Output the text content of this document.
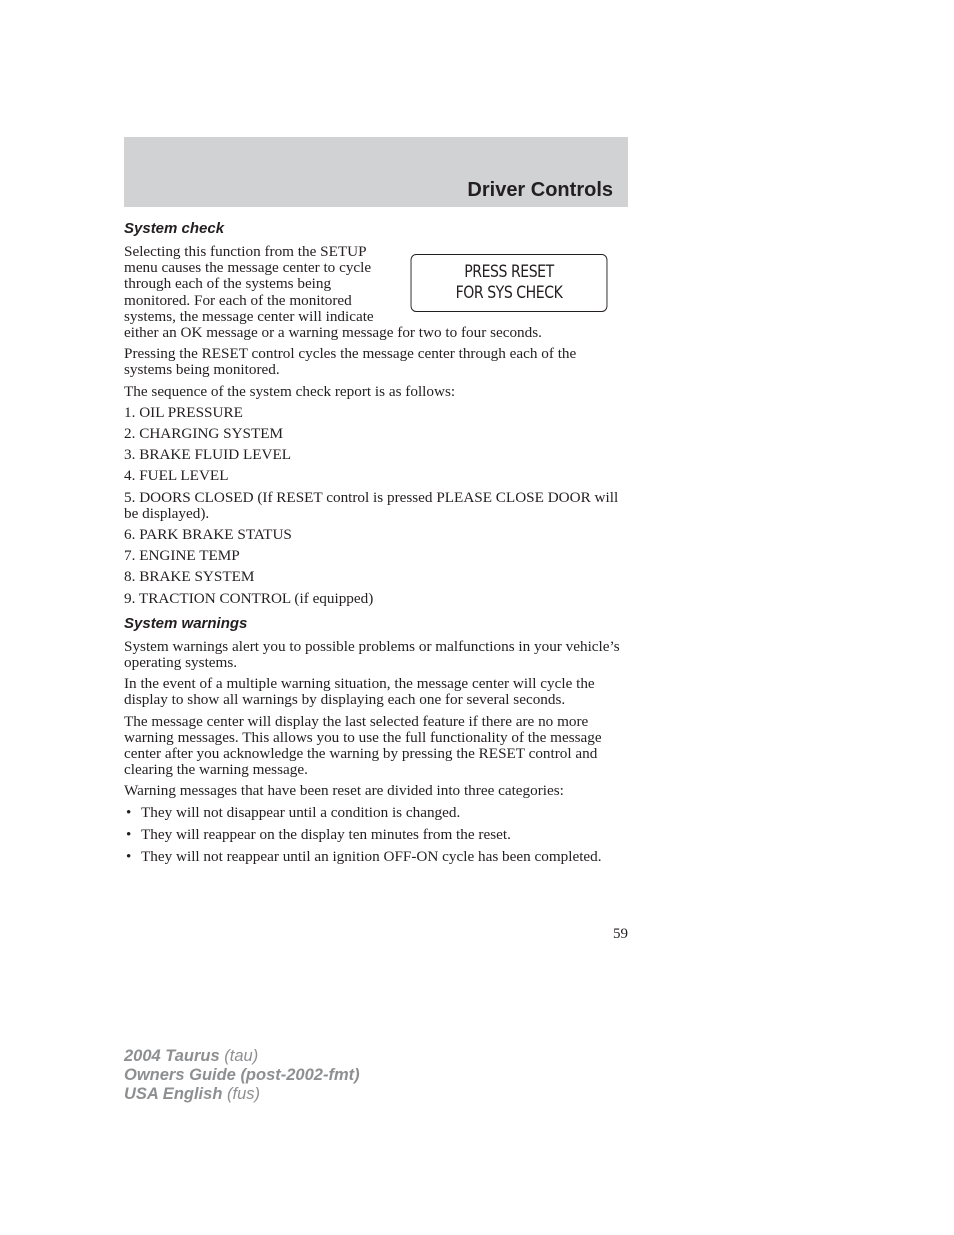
Driver Controls
System check
PRESS RESET
FOR SYS CHECK

Selecting this function from the SETUP menu causes the message center to cycle through each of the systems being monitored. For each of the monitored systems, the message center will indicate either an OK message or a warning message for two to four seconds.

Pressing the RESET control cycles the message center through each of the systems being monitored.

The sequence of the system check report is as follows:

1. OIL PRESSURE
2. CHARGING SYSTEM
3. BRAKE FLUID LEVEL
4. FUEL LEVEL
5. DOORS CLOSED (If RESET control is pressed PLEASE CLOSE DOOR will be displayed).
6. PARK BRAKE STATUS
7. ENGINE TEMP
8. BRAKE SYSTEM
9. TRACTION CONTROL (if equipped)
System warnings

System warnings alert you to possible problems or malfunctions in your vehicle’s operating systems.

In the event of a multiple warning situation, the message center will cycle the display to show all warnings by displaying each one for several seconds.

The message center will display the last selected feature if there are no more warning messages. This allows you to use the full functionality of the message center after you acknowledge the warning by pressing the RESET control and clearing the warning message.

Warning messages that have been reset are divided into three categories:

• They will not disappear until a condition is changed.
• They will reappear on the display ten minutes from the reset.
• They will not reappear until an ignition OFF-ON cycle has been completed.
59
2004 Taurus (tau)
Owners Guide (post-2002-fmt)
USA English (fus)
